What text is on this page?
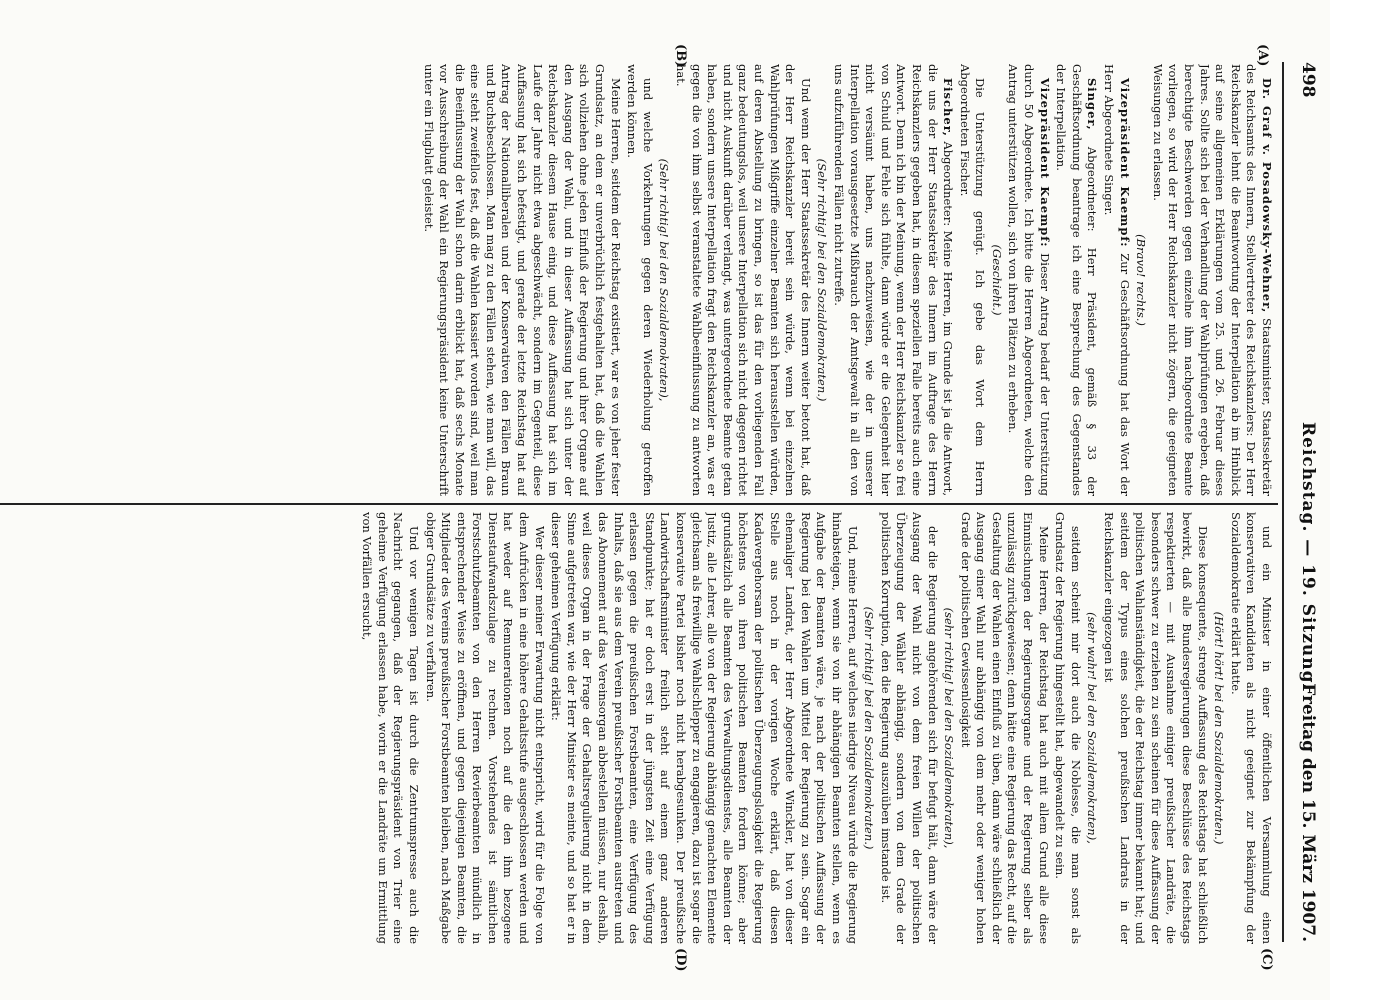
498
Reichstag. — 19. Sitzung.
Freitag den 15. März 1907.
(A)
(B)
(C)
(D)

Dr. Graf v. Posadowsky-Wehner, Staatsminister, Staatssekretär des Reichsamts des Innern, Stellvertreter des Reichskanzlers: Der Herr Reichskanzler lehnt die Beantwortung der Interpellation ab im Hinblick auf seine allgemeinen Erklärungen vom 25. und 26. Februar dieses Jahres. Sollte sich bei der Verhandlung der Wahlprüfungen ergeben, daß berechtigte Beschwerden gegen einzelne ihm nachgeordnete Beamte vorliegen, so wird der Herr Reichskanzler nicht zögern, die geeigneten Weisungen zu erlassen.

(Bravo! rechts.)

Vizepräsident Kaempf: Zur Geschäftsordnung hat das Wort der Herr Abgeordnete Singer.

Singer, Abgeordneter: Herr Präsident, gemäß § 33 der Geschäftsordnung beantrage ich eine Besprechung des Gegenstandes der Interpellation.

Vizepräsident Kaempf: Dieser Antrag bedarf der Unterstützung durch 50 Abgeordnete. Ich bitte die Herren Abgeordneten, welche den Antrag unterstützen wollen, sich von ihren Plätzen zu erheben.

(Geschieht.)

Die Unterstützung genügt. Ich gebe das Wort dem Herrn Abgeordneten Fischer.

Fischer, Abgeordneter: Meine Herren, im Grunde ist ja die Antwort, die uns der Herr Staatssekretär des Innern im Auftrage des Herrn Reichskanzlers gegeben hat, in diesem speziellen Falle bereits auch eine Antwort. Denn ich bin der Meinung, wenn der Herr Reichskanzler so frei von Schuld und Fehle sich fühlte, dann würde er die Gelegenheit hier nicht versäumt haben, uns nachzuweisen, wie der in unserer Interpellation vorausgesetzte Mißbrauch der Amtsgewalt in all den von uns aufzuführenden Fällen nicht zutreffe.

(Sehr richtig! bei den Sozialdemokraten.)

Und wenn der Herr Staatssekretär des Innern weiter betont hat, daß der Herr Reichskanzler bereit sein würde, wenn bei einzelnen Wahlprüfungen Mißgriffe einzelner Beamten sich herausstellen würden, auf deren Abstellung zu bringen, so ist das für den vorliegenden Fall ganz bedeutungslos, weil unsere Interpellation sich nicht dagegen richtet und nicht Auskunft darüber verlangt, was untergeordnete Beamte getan haben, sondern unsere Interpellation fragt den Reichskanzler an, was er gegen die von ihm selbst veranstaltete Wahlbeeinflussung zu antworten hat.

(Sehr richtig! bei den Sozialdemokraten),

und welche Vorkehrungen gegen deren Wiederholung getroffen werden können.

Meine Herren, seitdem der Reichstag existiert, war es von jeher fester Grundsatz, an dem er unverbrüchlich festgehalten hat, daß die Wahlen sich vollziehen ohne jeden Einfluß der Regierung und ihrer Organe auf den Ausgang der Wahl, und in dieser Auffassung hat sich unter der Reichskanzler diesem Hause einig, und diese Auffassung hat sich im Laufe der Jahre nicht etwa abgeschwächt, sondern im Gegenteil, diese Auffassung hat sich befestigt, und gerade der letzte Reichstag hat auf Antrag der Nationalliberalen und der Konservativen den Fällen Braun und Buchsbeschlossen. Man mag zu den Fällen stehen, wie man will, das eine steht zweifellos fest, daß die Wahlen kassiert worden sind, weil man die Beeinflussung der Wahl schon darin erblickt hat, daß sechs Monate vor Ausschreibung der Wahl ein Regierungspräsident keine Unterschrift unter ein Flugblatt geleistet.

und ein Minister in einer öffentlichen Versammlung einen konservativen Kandidaten als nicht geeignet zur Bekämpfung der Sozialdemokratie erklärt hatte.

(Hört! hört! bei den Sozialdemokraten.)

Diese konsequente, strenge Auffassung des Reichstags hat schließlich bewirkt, daß alle Bundesregierungen diese Beschlüsse des Reichstags respektierten — mit Ausnahme einiger preußischer Landräte, die besonders schwer zu erziehen zu sein scheinen für diese Auffassung der politischen Wahlanständigkeit, die der Reichstag immer bekannt hat; und seitdem der Typus eines solchen preußischen Landrats in der Reichskanzler eingezogen ist

(sehr wahr! bei den Sozialdemokraten),

seitdem scheint mir dort auch die Noblesse, die man sonst als Grundsatz der Regierung hingestellt hat, abgewandelt zu sein.

Meine Herren, der Reichstag hat auch mit allem Grund alle diese Einmischungen der Regierungsorgane und der Regierung selber als unzulässig zurückgewiesen; denn hätte eine Regierung das Recht, auf die Gestaltung der Wahlen einen Einfluß zu üben, dann wäre schließlich der Ausgang einer Wahl nur abhängig von dem mehr oder weniger hohen Grade der politischen Gewissenlosigkeit

(sehr richtig! bei den Sozialdemokraten),

der die Regierung angehörenden sich für befugt hält, dann wäre der Ausgang der Wahl nicht von dem freien Willen der politischen Überzeugung der Wähler abhängig, sondern von dem Grade der politischen Korruption, den die Regierung auszuüben imstande ist.

(Sehr richtig! bei den Sozialdemokraten.)

Und, meine Herren, auf welches niedrige Niveau würde die Regierung hinabsteigen, wenn sie von ihr abhängigen Beamten stellen, wenn es Aufgabe der Beamten wäre, je nach der politischen Auffassung der Regierung bei den Wahlen um Mittel der Regierung zu sein. Sogar ein ehemaliger Landrat, der Herr Abgeordnete Winckler, hat von dieser Stelle aus noch in der vorigen Woche erklärt, daß diesen Kadavergehorsam der politischen Überzeugungslosigkeit die Regierung höchstens von ihren politischen Beamten fordern könne; aber grundsätzlich alle Beamten des Verwaltungsdienstes, alle Beamten der Justiz, alle Lehrer, alle von der Regierung abhängig gemachten Elemente gleichsam als freiwillige Wahlschlepper zu engagieren, dazu ist sogar die konservative Partei bisher noch nicht herabgesunken. Der preußische Landwirtschaftsminister freilich steht auf einem ganz anderen Standpunkte; hat er doch erst in der jüngsten Zeit eine Verfügung erlassen gegen die preußischen Forstbeamten, eine Verfügung des Inhalts, daß sie aus dem Verein preußischer Forstbeamten austreten und das Abonnement auf das Vereinsorgan abbestellen müssen, nur deshalb, weil dieses Organ in der Frage der Gehaltsregulierung nicht in dem Sinne aufgetreten war, wie der Herr Minister es meinte, und so hat er in dieser geheimen Verfügung erklärt:

Wer dieser meiner Erwartung nicht entspricht, wird für die Folge von dem Aufrücken in eine höhere Gehaltsstufe ausgeschlossen werden und hat weder auf Remunerationen noch auf die den ihm bezogene Dienstaufwandszulage zu rechnen. Vorstehendes ist sämtlichen Forstschutzbeamten von den Herren Revierbeamten mündlich in entsprechender Weise zu eröffnen, und gegen diejenigen Beamten, die Mitglieder des Vereins preußischer Forstbeamten bleiben, nach Maßgabe obiger Grundsätze zu verfahren.

Und vor wenigen Tagen ist durch die Zentrumspresse auch die Nachricht gegangen, daß der Regierungspräsident von Trier eine geheime Verfügung erlassen habe, worin er die Landräte um Ermittlung von Vorfällen ersucht,
